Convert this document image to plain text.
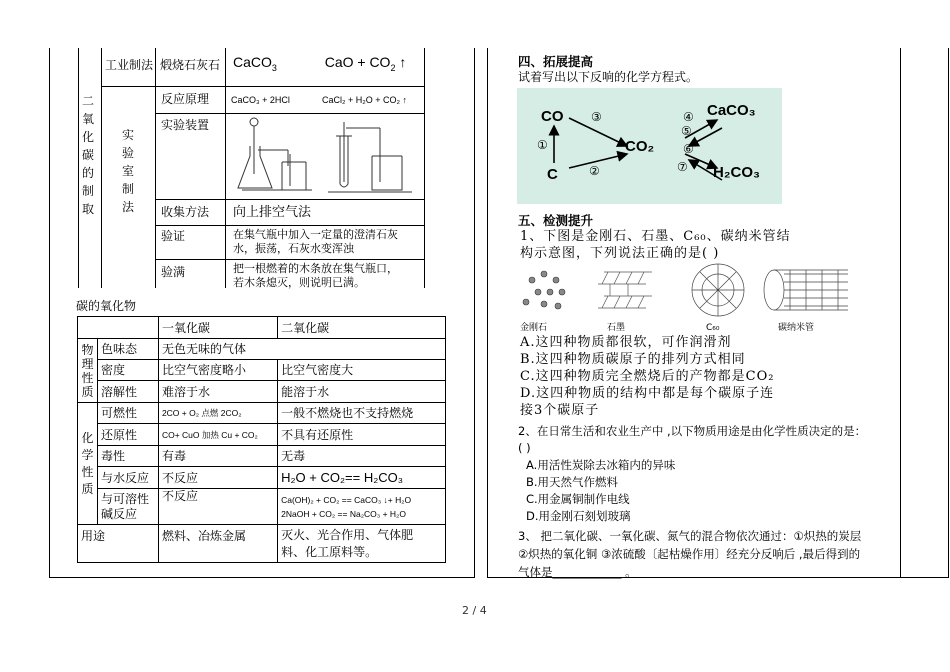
二氧化碳的制取
工业制法 煅烧石灰石 CaCO$_3$	CaO + $CO_2$ ↑
实验室制法
反应原理 CaCO₃ + 2HCl	CaCl₂ + H₂O + CO₂ ↑
实验装置
收集方法 向上排空气法
验证	在集气瓶中加入一定量的澄清石灰
水，振荡，石灰水变浑浊
验满	把一根燃着的木条放在集气瓶口，
若木条熄灭，则说明已满。
碳的氧化物
		一氧化碳	二氧化碳
物理性质	色味态	无色无味的气体	
	密度	比空气密度略小	比空气密度大
	溶解性	难溶于水	能溶于水
化学性质	可燃性	2CO + O₂ 点燃 2CO₂	一般不燃烧也不支持燃烧
	还原性	CO+ CuO 加热 Cu + CO₂	不具有还原性
	毒性	有毒	无毒
	与水反应	不反应	H₂O + CO₂== H₂CO₃
	与可溶性碱反应	不反应	Ca(OH)₂ + CO₂ == CaCO₃ ↓+ H₂O
2NaOH + CO₂ == Na₂CO₃ + H₂O

用途		燃料、冶炼金属	灭火、光合作用、气体肥
料、化工原料等。
四、拓展提高
试着写出以下反响的化学方程式。
CO
C
CO₂
CaCO₃
H₂CO₃
①
②
③	④
⑤
⑥
⑦
五、检测提升
1、下图是金刚石、石墨、C₆₀、碳纳米管结
构示意图，下列说法正确的是( )
金刚石	石墨	C₆₀	碳纳米管
A.这四种物质都很软，可作润滑剂
B.这四种物质碳原子的排列方式相同
C.这四种物质完全燃烧后的产物都是CO₂
D.这四种物质的结构中都是每个碳原子连
接3个碳原子
2、在日常生活和农业生产中 ,以下物质用途是由化学性质决定的是：
( )
A.用活性炭除去冰箱内的异味
B.用天然气作燃料
C.用金属铜制作电线
D.用金刚石刻划玻璃
3、 把二氧化碳、一氧化碳、氮气的混合物依次通过：①炽热的炭层
②炽热的氧化铜 ③浓硫酸〔起枯燥作用〕经充分反响后 ,最后得到的
气体是____________ 。
2 / 4
